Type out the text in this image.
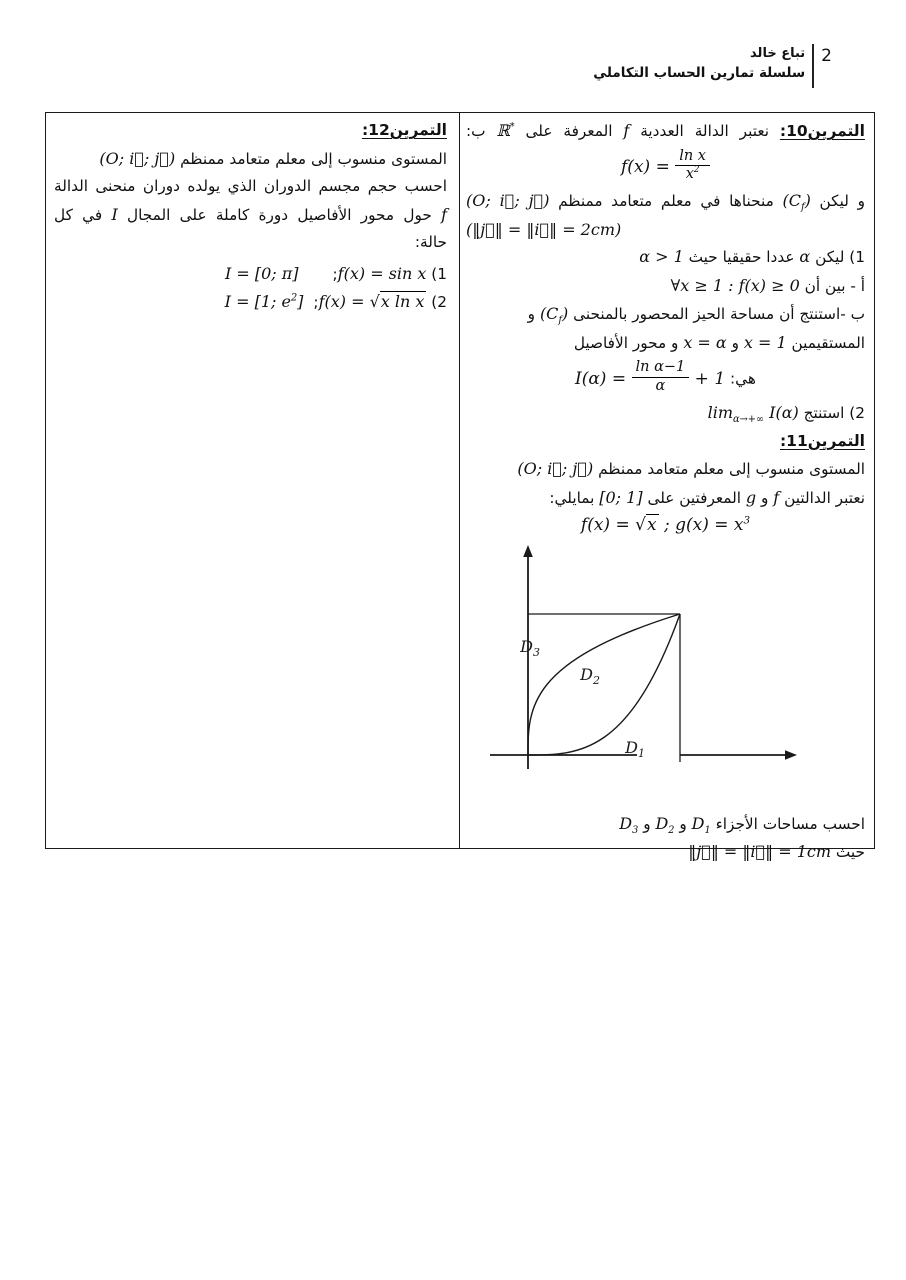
2
تباع خالد
سلسلة تمارين الحساب التكاملي
التمرين10: نعتبر الدالة العددية f المعرفة على ℝ* ب:
$f(x) = \frac{\text{ln x}}{x^2}$
و ليكن $(C_f)$ منحناها في معلم متعامد ممنظم (O; i⃗; j⃗)
(‖j⃗‖ = ‖i⃗‖ = 2cm)
1) ليكن α عددا حقيقيا حيث α > 1
أ - بين أن ∀x ≥ 1 : f(x) ≥ 0
ب -استنتج أن مساحة الحيز المحصور بالمنحنى $(C_f)$ و
المستقيمين x = 1 و x = α و محور الأفاصيل
هي: $I(\alpha) = \frac{\text{ln α−1}}{\alpha} + 1$
2) استنتج $\lim_{\alpha\to+\infty} I(\alpha)$
التمرين11:
المستوى منسوب إلى معلم متعامد ممنظم (O; i⃗; j⃗)
نعتبر الدالتين f و g المعرفتين على [0; 1] بمايلي:
f(x) = √x ; $g(x) = x^3$
$D_3$
$D_2$
$D_1$
احسب مساحات الأجزاء $D_1$ و $D_2$ و $D_3$
حيث ‖j⃗‖ = ‖i⃗‖ = 1cm
التمرين12:
المستوى منسوب إلى معلم متعامد ممنظم (O; i⃗; j⃗)
احسب حجم مجسم الدوران الذي يولده دوران منحنى الدالة
f حول محور الأفاصيل دورة كاملة على المجال I في كل
حالة:
1) f(x) = sin x;I = [0; π]
2) f(x) = √x ln x;I = [1; $e^2$]
